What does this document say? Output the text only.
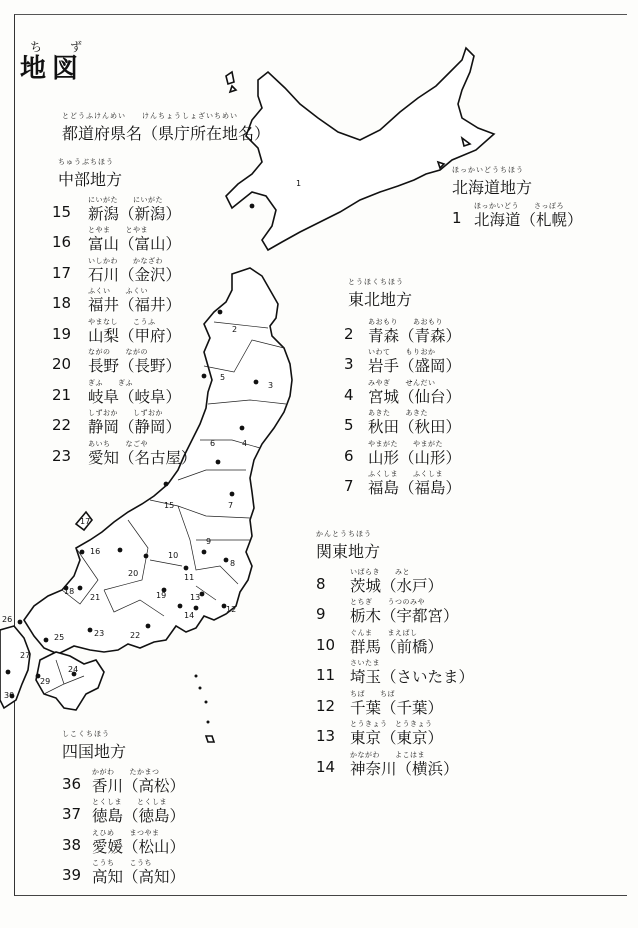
1
2
3
4
5
6
7
8
9
10
11
12
13
14
15
16
17
18	19
20
21
22
23
24
25
26
27
29
30
ちず
地図
とどうふけんめい　　けんちょうしょざいちめい
都道府県名（県庁所在地名）
ちゅうぶちほう
中部地方
15
にいがた　　にいがた
新潟（新潟）
16
とやま　　とやま
富山（富山）
17
いしかわ　　かなざわ
石川（金沢）
18
ふくい　　ふくい
福井（福井）
19
やまなし　　こうふ
山梨（甲府）
20
ながの　　ながの
長野（長野）
21
ぎふ　　ぎふ
岐阜（岐阜）
22
しずおか　　しずおか
静岡（静岡）
23
あいち　　なごや
愛知（名古屋）
ほっかいどうちほう
北海道地方
1
ほっかいどう　　さっぽろ
北海道（札幌）
とうほくちほう
東北地方
2
あおもり　　あおもり
青森（青森）
3
いわて　　もりおか
岩手（盛岡）
4
みやぎ　　せんだい
宮城（仙台）
5
あきた　　あきた
秋田（秋田）
6
やまがた　　やまがた
山形（山形）
7
ふくしま　　ふくしま
福島（福島）
かんとうちほう
関東地方
8
いばらき　　みと
茨城（水戸）
9
とちぎ　　うつのみや
栃木（宇都宮）
10
ぐんま　　まえばし
群馬（前橋）
11
さいたま
埼玉（さいたま）
12
ちば　　ちば
千葉（千葉）
13
とうきょう　とうきょう
東京（東京）
14
かながわ　　よこはま
神奈川（横浜）
しこくちほう
四国地方
36
かがわ　　たかまつ
香川（高松）
37
とくしま　　とくしま
徳島（徳島）
38
えひめ　　まつやま
愛媛（松山）
39
こうち　　こうち
高知（高知）
